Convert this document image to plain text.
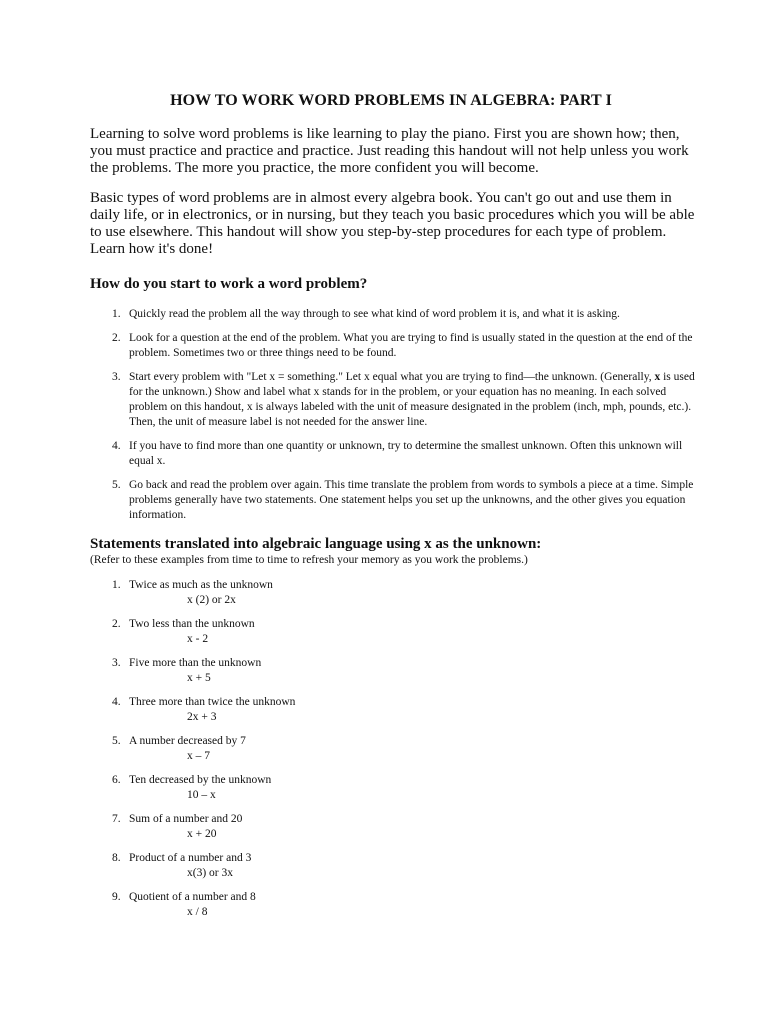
HOW TO WORK WORD PROBLEMS IN ALGEBRA: PART I

Learning to solve word problems is like learning to play the piano. First you are shown how; then, you must practice and practice and practice. Just reading this handout will not help unless you work the problems. The more you practice, the more confident you will become.

Basic types of word problems are in almost every algebra book. You can't go out and use them in daily life, or in electronics, or in nursing, but they teach you basic procedures which you will be able to use elsewhere. This handout will show you step-by-step procedures for each type of problem. Learn how it's done!

How do you start to work a word problem?
1. Quickly read the problem all the way through to see what kind of word problem it is, and what it is asking.
2. Look for a question at the end of the problem. What you are trying to find is usually stated in the question at the end of the problem. Sometimes two or three things need to be found.
3. Start every problem with "Let x = something." Let x equal what you are trying to find—the unknown. (Generally, x is used for the unknown.) Show and label what x stands for in the problem, or your equation has no meaning. In each solved problem on this handout, x is always labeled with the unit of measure designated in the problem (inch, mph, pounds, etc.). Then, the unit of measure label is not needed for the answer line.
4. If you have to find more than one quantity or unknown, try to determine the smallest unknown. Often this unknown will equal x.
5. Go back and read the problem over again. This time translate the problem from words to symbols a piece at a time. Simple problems generally have two statements. One statement helps you set up the unknowns, and the other gives you equation information.
Statements translated into algebraic language using x as the unknown:
(Refer to these examples from time to time to refresh your memory as you work the problems.)
1. Twice as much as the unknown
x (2) or 2x
2. Two less than the unknown
x - 2
3. Five more than the unknown
x + 5
4. Three more than twice the unknown
2x + 3
5. A number decreased by 7
x – 7
6. Ten decreased by the unknown
10 – x
7. Sum of a number and 20
x + 20
8. Product of a number and 3
x(3) or 3x
9. Quotient of a number and 8
x / 8
